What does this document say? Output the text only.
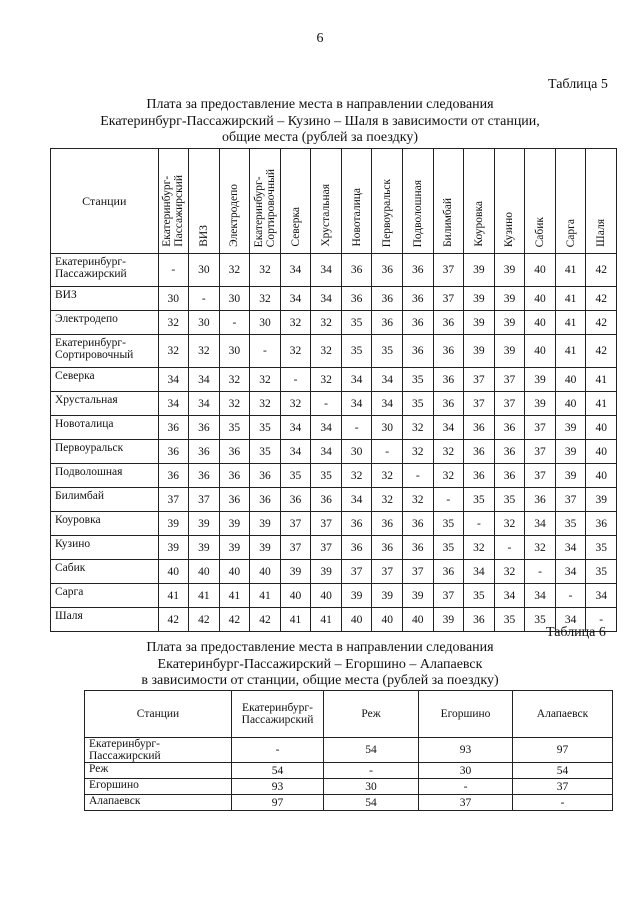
6
Таблица 5
Плата за предоставление места в направлении следования
Екатеринбург-Пассажирский – Кузино – Шаля в зависимости от станции,
общие места (рублей за поездку)
Станции	Екатеринбург-
Пассажирский	ВИЗ	Электродепо	Екатеринбург-
Сортировочный	Северка	Хрустальная	Новоталица	Первоуральск	Подволошная	Билимбай	Коуровка	Кузино	Сабик	Сарга	Шаля

Екатеринбург-
Пассажирский	-	30	32	32	34	34	36	36	36	37	39	39	40	41	42
ВИЗ	30	-	30	32	34	34	36	36	36	37	39	39	40	41	42
Электродепо	32	30	-	30	32	32	35	36	36	36	39	39	40	41	42
Екатеринбург-
Сортировочный	32	32	30	-	32	32	35	35	36	36	39	39	40	41	42
Северка	34	34	32	32	-	32	34	34	35	36	37	37	39	40	41
Хрустальная	34	34	32	32	32	-	34	34	35	36	37	37	39	40	41
Новоталица	36	36	35	35	34	34	-	30	32	34	36	36	37	39	40
Первоуральск	36	36	36	35	34	34	30	-	32	32	36	36	37	39	40
Подволошная	36	36	36	36	35	35	32	32	-	32	36	36	37	39	40
Билимбай	37	37	36	36	36	36	34	32	32	-	35	35	36	37	39
Коуровка	39	39	39	39	37	37	36	36	36	35	-	32	34	35	36
Кузино	39	39	39	39	37	37	36	36	36	35	32	-	32	34	35
Сабик	40	40	40	40	39	39	37	37	37	36	34	32	-	34	35
Сарга	41	41	41	41	40	40	39	39	39	37	35	34	34	-	34
Шаля	42	42	42	42	41	41	40	40	40	39	36	35	35	34	-
Таблица 6
Плата за предоставление места в направлении следования
Екатеринбург-Пассажирский – Егоршино – Алапаевск
в зависимости от станции, общие места (рублей за поездку)
Станции	Екатеринбург-
Пассажирский	Реж	Егоршино	Алапаевск
Екатеринбург-
Пассажирский	-	54	93	97
Реж	54	-	30	54
Егоршино	93	30	-	37
Алапаевск	97	54	37	-
